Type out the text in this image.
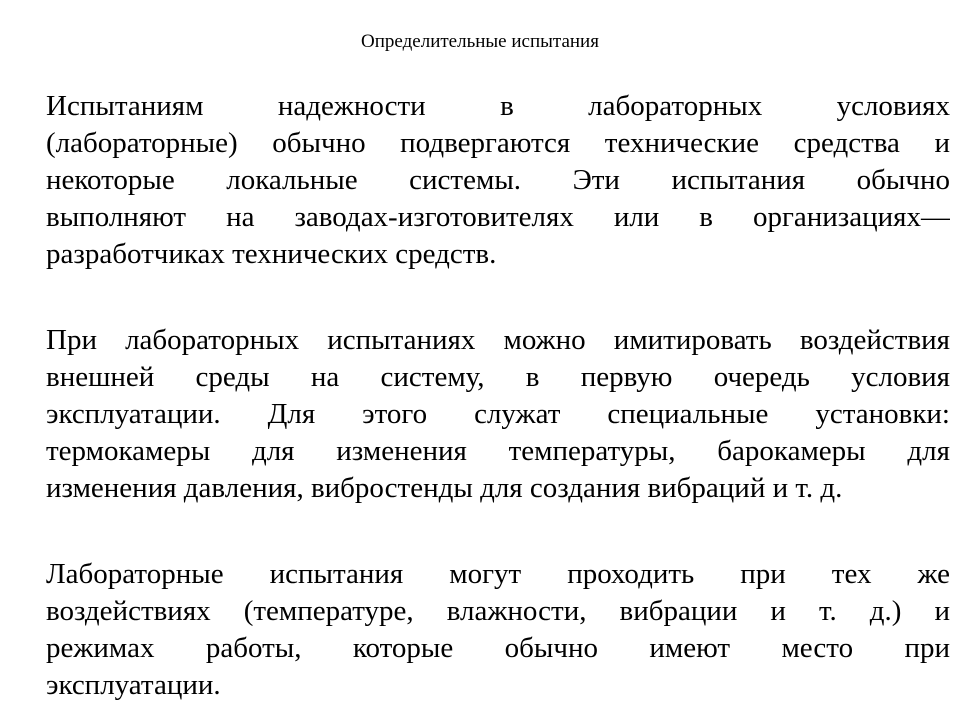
Определительные испытания
Испытаниям надежности в лабораторных условиях
(лабораторные) обычно подвергаются технические средства и
некоторые локальные системы. Эти испытания обычно
выполняют на заводах-изготовителях или в организациях—
разработчиках технических средств.
При лабораторных испытаниях можно имитировать воздействия
внешней среды на систему, в первую очередь условия
эксплуатации. Для этого служат специальные установки:
термокамеры для изменения температуры, барокамеры для
изменения давления, вибростенды для создания вибраций и т. д.
Лабораторные испытания могут проходить при тех же
воздействиях (температуре, влажности, вибрации и т. д.) и
режимах работы, которые обычно имеют место при
эксплуатации.
